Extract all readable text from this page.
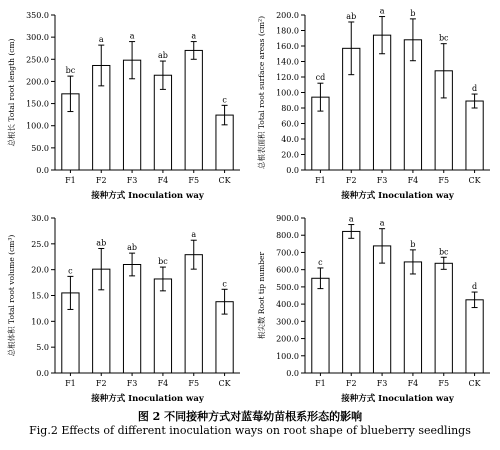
0.0
50.0
100.0
150.0
200.0
250.0
300.0
350.0
bc
F1
a
F2
a
F3
ab
F4
a
F5
c
CK
接种方式 Inoculation way
总根长 Total root length (cm)
0.0
20.0
40.0
60.0
80.0
100.0
120.0
140.0
160.0
180.0
200.0
cd
F1
ab
F2
a
F3
b
F4
bc
F5
d
CK
接种方式 Inoculation way
总根表面积 Total root surface areas (cm²)
0.0
5.0
10.0
15.0
20.0
25.0
30.0
c
F1
ab
F2
ab
F3
bc
F4
a
F5
c
CK
接种方式 Inoculation way
总根体积 Total root volume (cm³)
0.0
100.0
200.0
300.0
400.0
500.0
600.0
700.0
800.0
900.0
c
F1
a
F2
a
F3
b
F4
bc
F5
d
CK
接种方式 Inoculation way
根尖数 Root tip number
图 2 不同接种方式对蓝莓幼苗根系形态的影响
Fig.2 Effects of different inoculation ways on root shape of blueberry seedlings
